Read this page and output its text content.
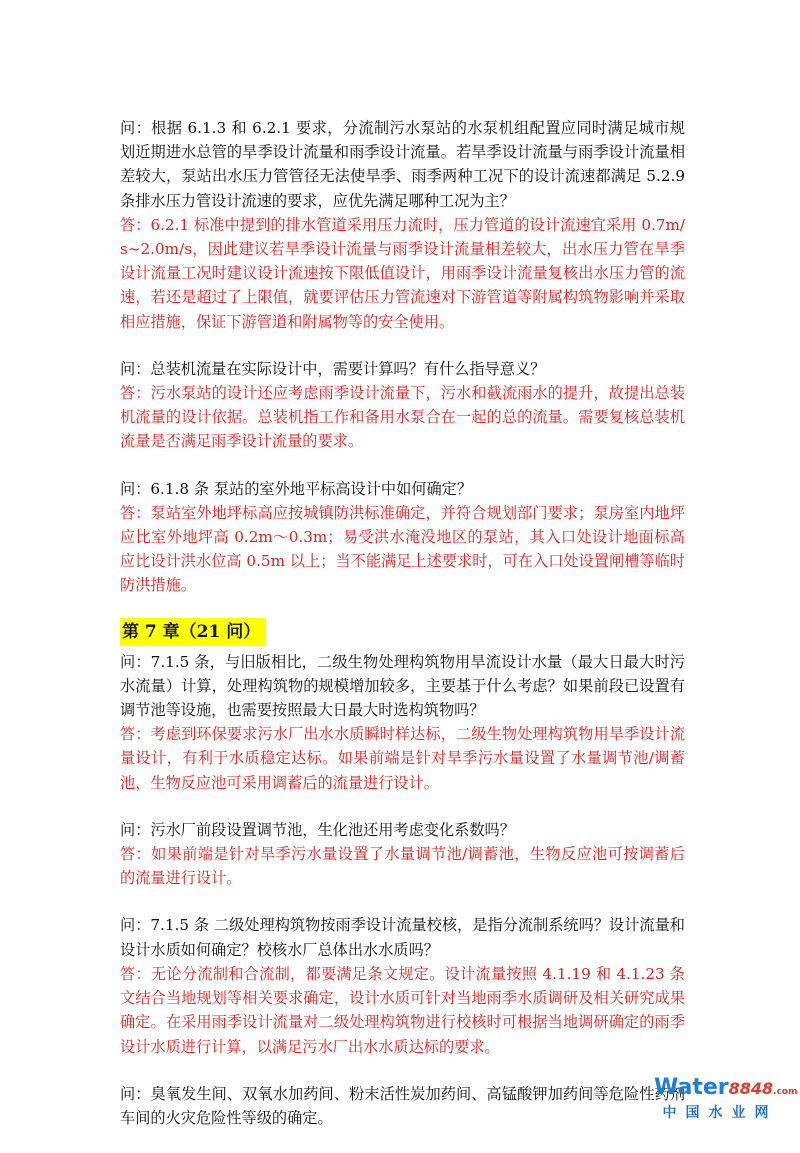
问：根据 6.1.3 和 6.2.1 要求，分流制污水泵站的水泵机组配置应同时满足城市规划近期进水总管的旱季设计流量和雨季设计流量。若旱季设计流量与雨季设计流量相差较大，泵站出水压力管管径无法使旱季、雨季两种工况下的设计流速都满足 5.2.9 条排水压力管设计流速的要求，应优先满足哪种工况为主？

答：6.2.1 标准中提到的排水管道采用压力流时，压力管道的设计流速宜采用 0.7m/s~2.0m/s，因此建议若旱季设计流量与雨季设计流量相差较大，出水压力管在旱季设计流量工况时建议设计流速按下限低值设计，用雨季设计流量复核出水压力管的流速，若还是超过了上限值，就要评估压力管流速对下游管道等附属构筑物影响并采取相应措施，保证下游管道和附属物等的安全使用。

问：总装机流量在实际设计中，需要计算吗？有什么指导意义？

答：污水泵站的设计还应考虑雨季设计流量下，污水和截流雨水的提升，故提出总装机流量的设计依据。总装机指工作和备用水泵合在一起的总的流量。需要复核总装机流量是否满足雨季设计流量的要求。

问：6.1.8 条 泵站的室外地平标高设计中如何确定？

答：泵站室外地坪标高应按城镇防洪标准确定，并符合规划部门要求；泵房室内地坪应比室外地坪高 0.2m～0.3m；易受洪水淹没地区的泵站，其入口处设计地面标高应比设计洪水位高 0.5m 以上；当不能满足上述要求时，可在入口处设置闸槽等临时防洪措施。

第 7 章（21 问）

问：7.1.5 条，与旧版相比，二级生物处理构筑物用旱流设计水量（最大日最大时污水流量）计算，处理构筑物的规模增加较多，主要基于什么考虑？如果前段已设置有调节池等设施，也需要按照最大日最大时选构筑物吗？

答：考虑到环保要求污水厂出水水质瞬时样达标，二级生物处理构筑物用旱季设计流量设计，有利于水质稳定达标。如果前端是针对旱季污水量设置了水量调节池/调蓄池，生物反应池可采用调蓄后的流量进行设计。

问：污水厂前段设置调节池，生化池还用考虑变化系数吗？

答：如果前端是针对旱季污水量设置了水量调节池/调蓄池，生物反应池可按调蓄后的流量进行设计。

问：7.1.5 条 二级处理构筑物按雨季设计流量校核，是指分流制系统吗？设计流量和设计水质如何确定？校核水厂总体出水水质吗？

答：无论分流制和合流制，都要满足条文规定。设计流量按照 4.1.19 和 4.1.23 条文结合当地规划等相关要求确定，设计水质可针对当地雨季水质调研及相关研究成果确定。在采用雨季设计流量对二级处理构筑物进行校核时可根据当地调研确定的雨季设计水质进行计算，以满足污水厂出水水质达标的要求。

问：臭氧发生间、双氧水加药间、粉末活性炭加药间、高锰酸钾加药间等危险性药剂车间的火灾危险性等级的确定。

Water8848.com
中国水业网
